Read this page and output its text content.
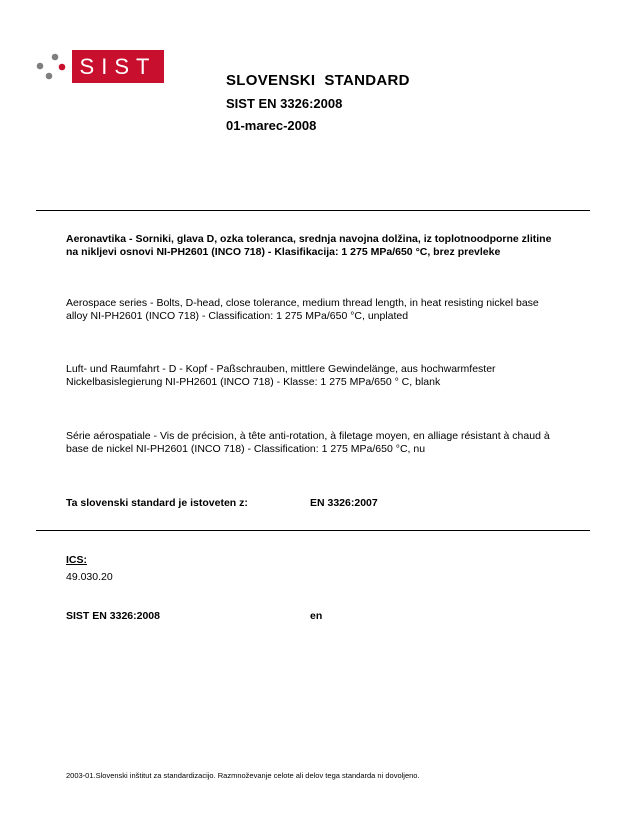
SIST
SLOVENSKI  STANDARD
SIST EN 3326:2008
01-marec-2008
Aeronavtika - Sorniki, glava D, ozka toleranca, srednja navojna dolžina, iz toplotnoodporne zlitine na nikljevi osnovi NI-PH2601 (INCO 718) - Klasifikacija: 1 275 MPa/650 °C, brez prevleke
Aerospace series - Bolts, D-head, close tolerance, medium thread length, in heat resisting nickel base alloy NI-PH2601 (INCO 718) - Classification: 1 275 MPa/650 °C, unplated
Luft- und Raumfahrt - D - Kopf - Paßschrauben, mittlere Gewindelänge, aus hochwarmfester Nickelbasislegierung NI-PH2601 (INCO 718) - Klasse: 1 275 MPa/650 ° C, blank
Série aérospatiale - Vis de précision, à tête anti-rotation, à filetage moyen, en alliage résistant à chaud à base de nickel NI-PH2601 (INCO 718) - Classification: 1 275 MPa/650 °C, nu
Ta slovenski standard je istoveten z:	EN 3326:2007
ICS:
49.030.20
SIST EN 3326:2008	en
2003-01.Slovenski inštitut za standardizacijo. Razmnoževanje celote ali delov tega standarda ni dovoljeno.
